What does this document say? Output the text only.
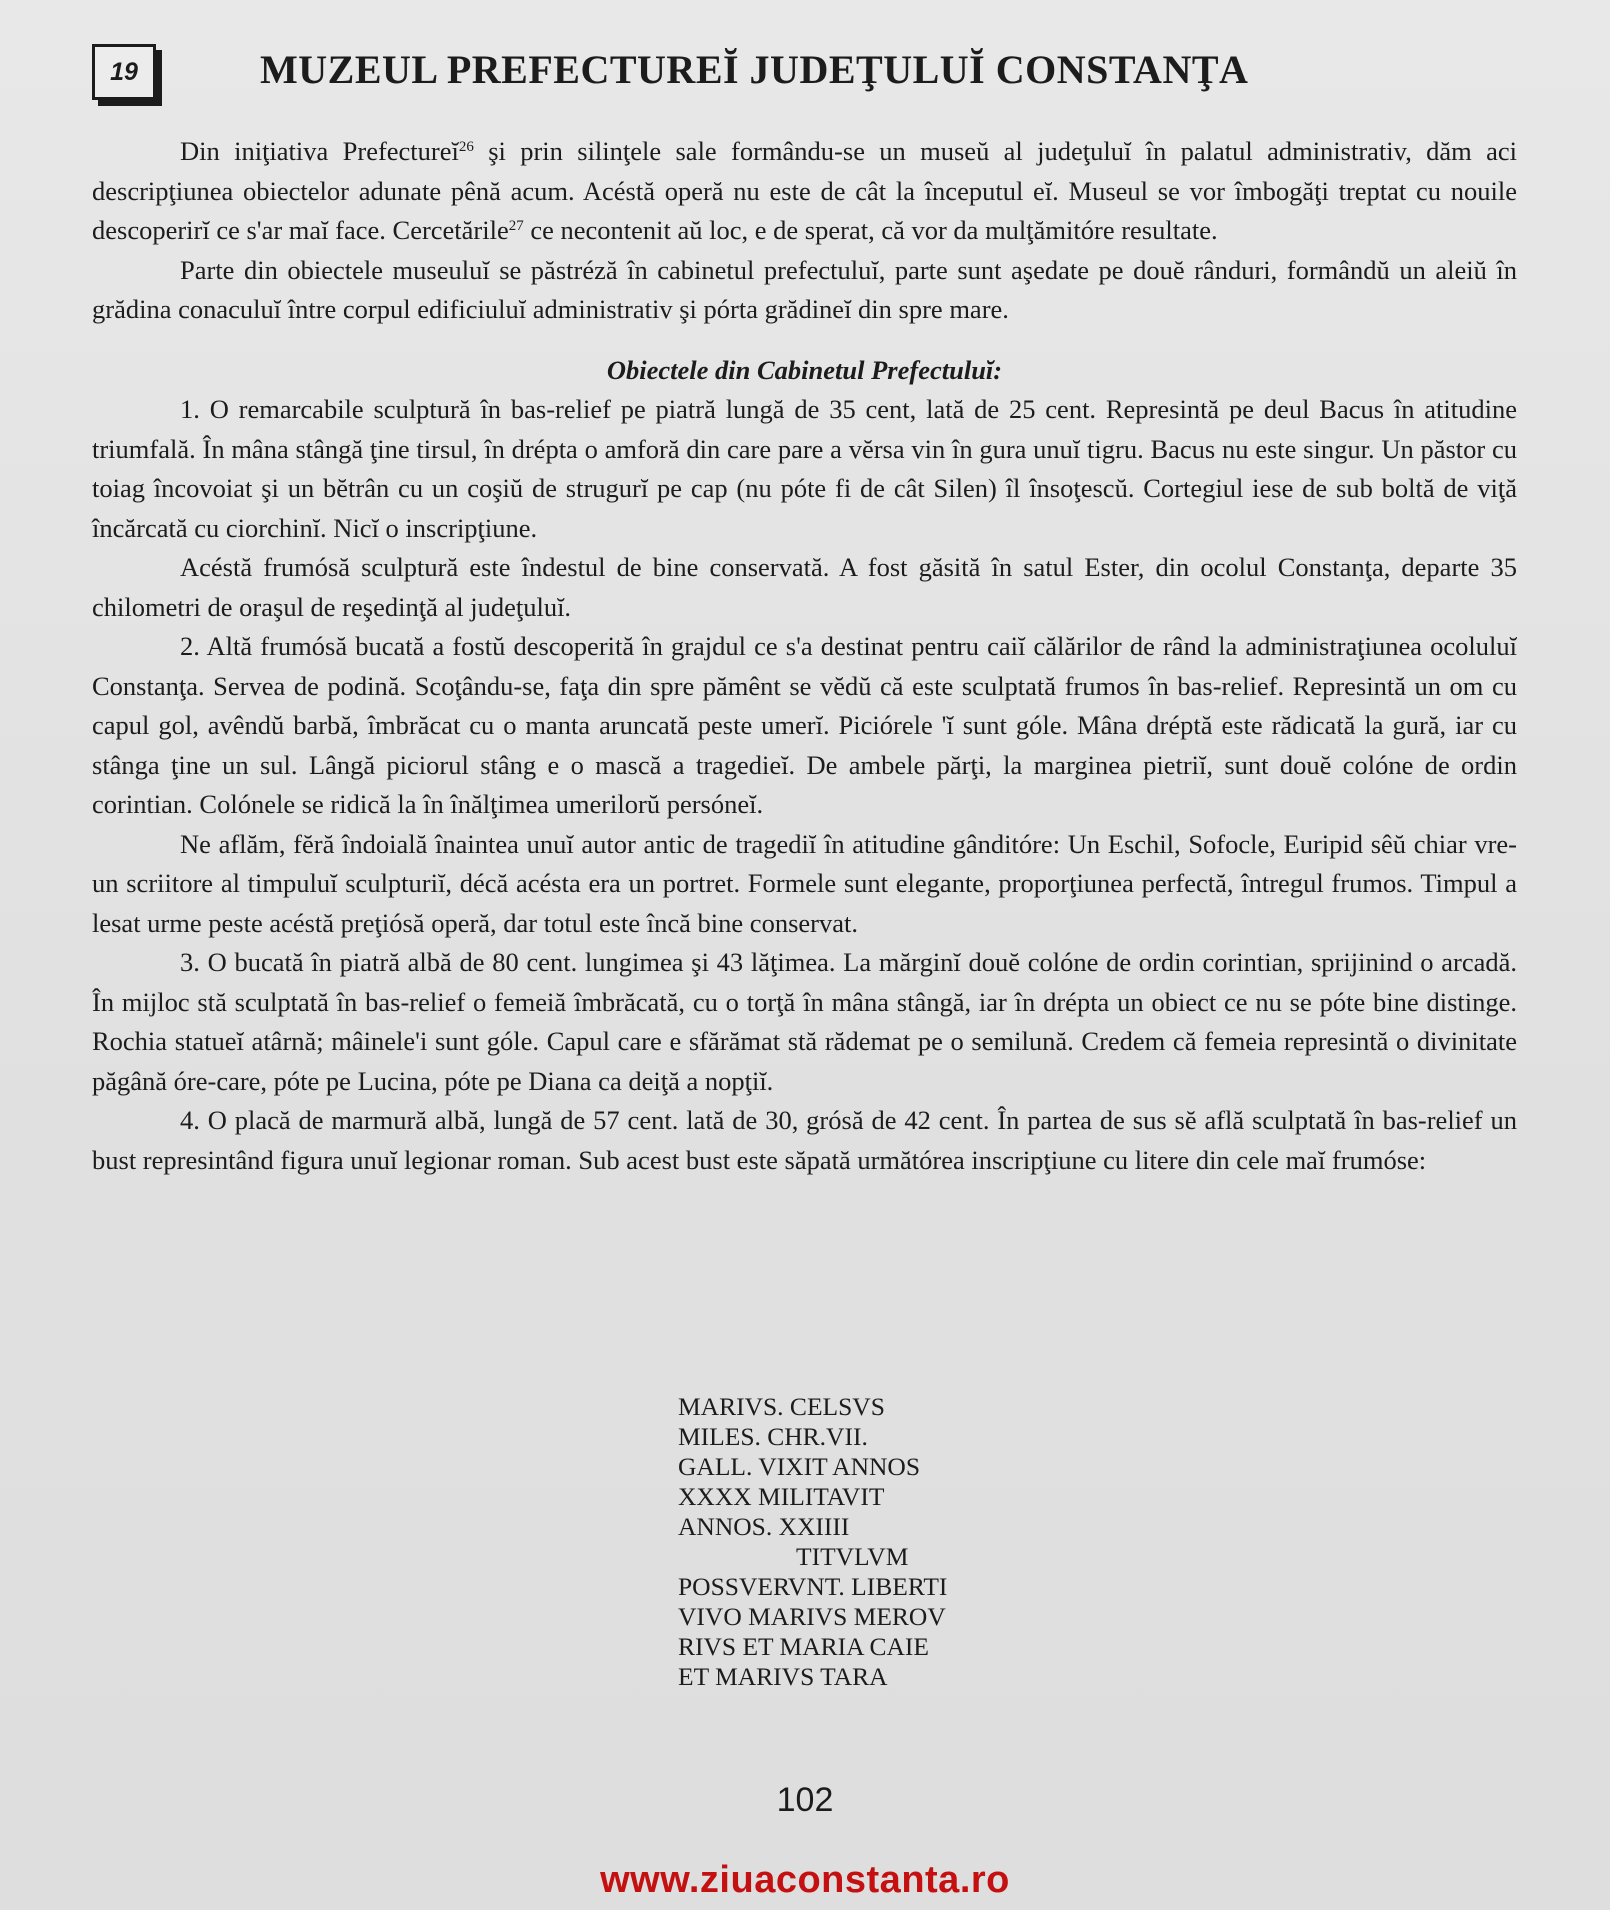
19	MUZEUL PREFECTUREĬ JUDEŢULUĬ CONSTANŢA

Din iniţiativa Prefectureĭ$^{26}$ şi prin silinţele sale formându-se un museŭ al judeţuluĭ în palatul administrativ, dăm aci descripţiunea obiectelor adunate pênă acum. Acéstă operă nu este de cât la începutul eĭ. Museul se vor îmbogăţi treptat cu nouile descoperirĭ ce s'ar maĭ face. Cercetările$^{27}$ ce necontenit aŭ loc, e de sperat, că vor da mulţămitóre resultate.

Parte din obiectele museuluĭ se păstréză în cabinetul prefectuluĭ, parte sunt aşedate pe douĕ rânduri, formândŭ un aleiŭ în grădina conaculuĭ între corpul edificiuluĭ administrativ şi pórta grădineĭ din spre mare.

Obiectele din Cabinetul Prefectuluĭ:

1. O remarcabile sculptură în bas-relief pe piatră lungă de 35 cent, lată de 25 cent. Represintă pe deul Bacus în atitudine triumfală. În mâna stângă ţine tirsul, în drépta o amforă din care pare a vĕrsa vin în gura unuĭ tigru. Bacus nu este singur. Un păstor cu toiag încovoiat şi un bĕtrân cu un coşiŭ de strugurĭ pe cap (nu póte fi de cât Silen) îl însoţescŭ. Cortegiul iese de sub boltă de viţă încărcată cu ciorchinĭ. Nicĭ o inscripţiune.

Acéstă frumósă sculptură este îndestul de bine conservată. A fost găsită în satul Ester, din ocolul Constanţa, departe 35 chilometri de oraşul de reşedinţă al judeţuluĭ.

2. Altă frumósă bucată a fostŭ descoperită în grajdul ce s'a destinat pentru caiĭ călărilor de rând la administraţiunea ocoluluĭ Constanţa. Servea de podină. Scoţându-se, faţa din spre pămênt se vĕdŭ că este sculptată frumos în bas-relief. Represintă un om cu capul gol, avêndŭ barbă, îmbrăcat cu o manta aruncată peste umerĭ. Piciórele 'ĭ sunt góle. Mâna dréptă este rădicată la gură, iar cu stânga ţine un sul. Lângă piciorul stâng e o mască a tragedieĭ. De ambele părţi, la marginea pietriĭ, sunt douĕ colóne de ordin corintian. Colónele se ridică la în înălţimea umerilorŭ persóneĭ.

Ne aflăm, fĕră îndoială înaintea unuĭ autor antic de tragediĭ în atitudine gânditóre: Un Eschil, Sofocle, Euripid sêŭ chiar vre-un scriitore al timpuluĭ sculpturiĭ, décă acésta era un portret. Formele sunt elegante, proporţiunea perfectă, întregul frumos. Timpul a lesat urme peste acéstă preţiósă operă, dar totul este încă bine conservat.

3. O bucată în piatră albă de 80 cent. lungimea şi 43 lăţimea. La mărginĭ douĕ colóne de ordin corintian, sprijinind o arcadă. În mijloc stă sculptată în bas-relief o femeiă îmbrăcată, cu o torţă în mâna stângă, iar în drépta un obiect ce nu se póte bine distinge. Rochia statueĭ atârnă; mâinele'i sunt góle. Capul care e sfărămat stă rădemat pe o semilună. Credem că femeia represintă o divinitate păgână óre-care, póte pe Lucina, póte pe Diana ca deiţă a nopţiĭ.

4. O placă de marmură albă, lungă de 57 cent. lată de 30, grósă de 42 cent. În partea de sus sĕ află sculptată în bas-relief un bust represintând figura unuĭ legionar roman. Sub acest bust este săpată următórea inscripţiune cu litere din cele maĭ frumóse:

MARIVS. CELSVS
MILES. CHR.VII.
GALL. VIXIT ANNOS
XXXX MILITAVIT
ANNOS. XXIIII
TITVLVM
POSSVERVNT. LIBERTI
VIVO MARIVS MEROV
RIVS ET MARIA CAIE
ET MARIVS TARA
102
www.ziuaconstanta.ro
